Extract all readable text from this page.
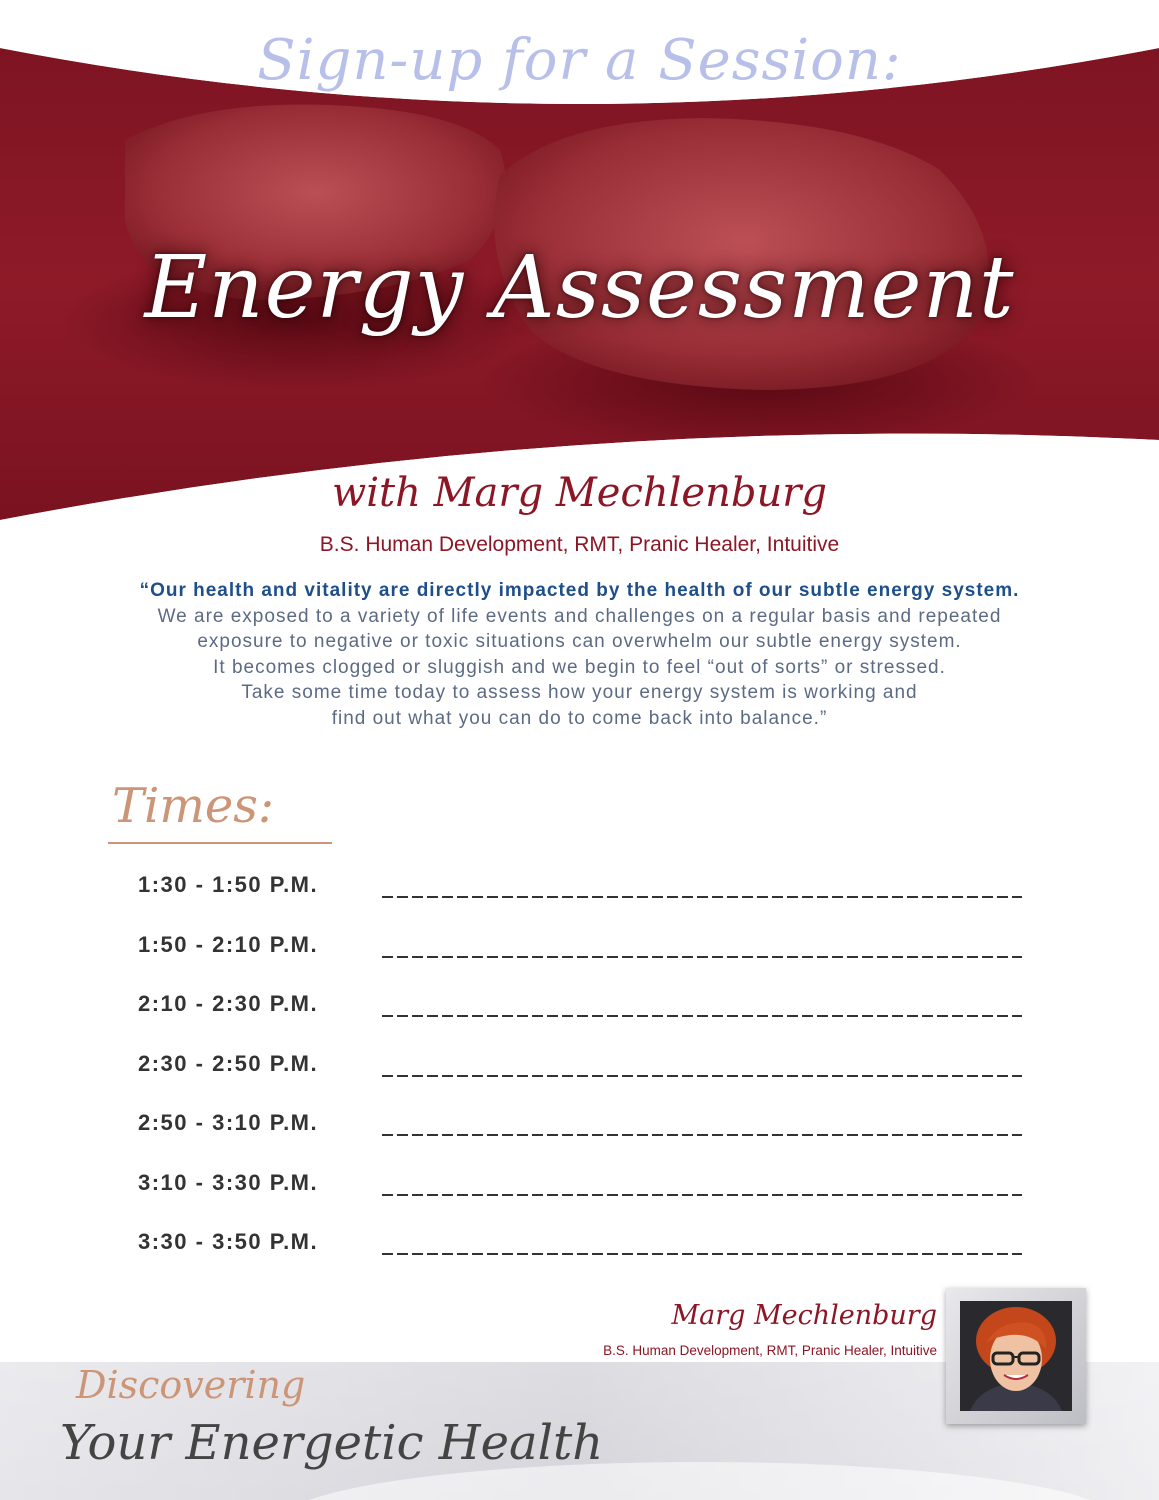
Sign-up for a Session:
Energy Assessment
with Marg Mechlenburg
B.S. Human Development, RMT, Pranic Healer, Intuitive
“Our health and vitality are directly impacted by the health of our subtle energy system.
We are exposed to a variety of life events and challenges on a regular basis and repeated
exposure to negative or toxic situations can overwhelm our subtle energy system.
It becomes clogged or sluggish and we begin to feel “out of sorts” or stressed.
Take some time today to assess how your energy system is working and
find out what you can do to come back into balance.”
Times:
1:30 - 1:50 P.M.
1:50 - 2:10 P.M.
2:10 - 2:30 P.M.
2:30 - 2:50 P.M.
2:50 - 3:10 P.M.
3:10 - 3:30 P.M.
3:30 - 3:50 P.M.
Marg Mechlenburg
B.S. Human Development, RMT, Pranic Healer, Intuitive
Discovering
Your Energetic Health
